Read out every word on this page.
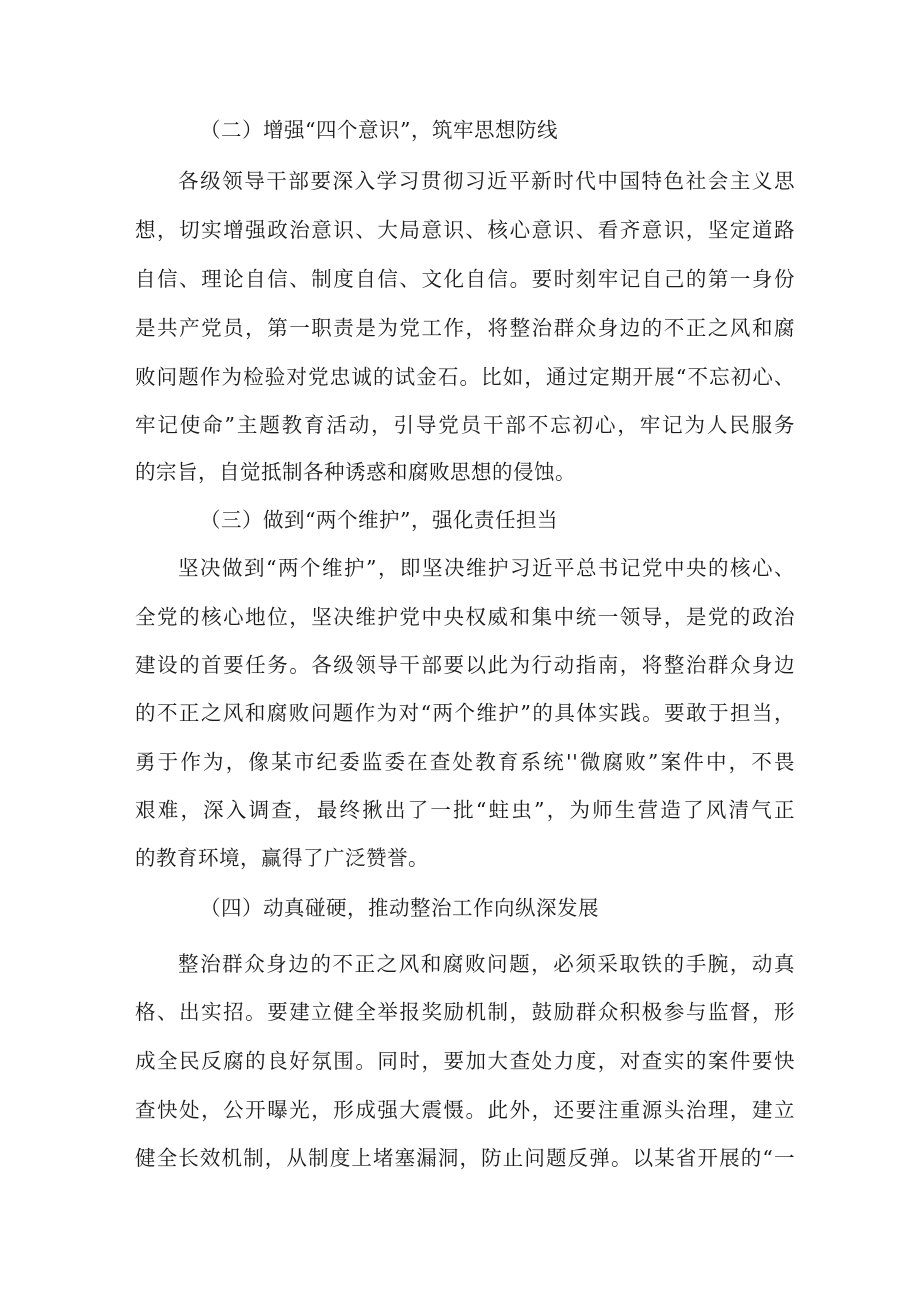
（二）增强“四个意识”，筑牢思想防线
各级领导干部要深入学习贯彻习近平新时代中国特色社会主义思
想，切实增强政治意识、大局意识、核心意识、看齐意识，坚定道路
自信、理论自信、制度自信、文化自信。要时刻牢记自己的第一身份
是共产党员，第一职责是为党工作，将整治群众身边的不正之风和腐
败问题作为检验对党忠诚的试金石。比如，通过定期开展“不忘初心、
牢记使命”主题教育活动，引导党员干部不忘初心，牢记为人民服务
的宗旨，自觉抵制各种诱惑和腐败思想的侵蚀。
（三）做到“两个维护”，强化责任担当
坚决做到“两个维护”，即坚决维护习近平总书记党中央的核心、
全党的核心地位，坚决维护党中央权威和集中统一领导，是党的政治
建设的首要任务。各级领导干部要以此为行动指南，将整治群众身边
的不正之风和腐败问题作为对“两个维护”的具体实践。要敢于担当，
勇于作为，像某市纪委监委在查处教育系统''微腐败”案件中，不畏
艰难，深入调查，最终揪出了一批“蛀虫”，为师生营造了风清气正
的教育环境，赢得了广泛赞誉。
（四）动真碰硬，推动整治工作向纵深发展
整治群众身边的不正之风和腐败问题，必须采取铁的手腕，动真
格、出实招。要建立健全举报奖励机制，鼓励群众积极参与监督，形
成全民反腐的良好氛围。同时，要加大查处力度，对查实的案件要快
查快处，公开曝光，形成强大震慑。此外，还要注重源头治理，建立
健全长效机制，从制度上堵塞漏洞，防止问题反弹。以某省开展的“一
